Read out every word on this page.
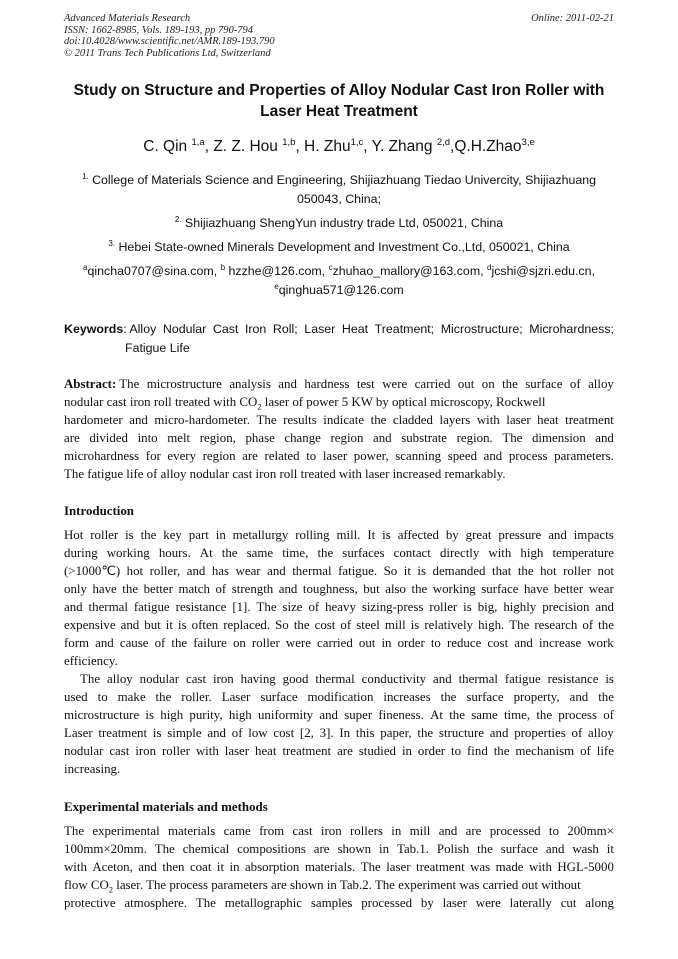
Advanced Materials Research
ISSN: 1662-8985, Vols. 189-193, pp 790-794
doi:10.4028/www.scientific.net/AMR.189-193.790
© 2011 Trans Tech Publications Ltd, Switzerland
Online: 2011-02-21
Study on Structure and Properties of Alloy Nodular Cast Iron Roller with
Laser Heat Treatment
C. Qin $^{1,a}$, Z. Z. Hou $^{1,b}$, H. Zhu$^{1,c}$, Y. Zhang $^{2,d}$,Q.H.Zhao$^{3,e}$
$^{1.}$ College of Materials Science and Engineering, Shijiazhuang Tiedao Univercity, Shijiazhuang
050043, China;
$^{2.}$ Shijiazhuang ShengYun industry trade Ltd, 050021, China
$^{3.}$ Hebei State-owned Minerals Development and Investment Co.,Ltd, 050021, China
$^a$qincha0707@sina.com, $^b$ hzzhe@126.com, $^c$zhuhao_mallory@163.com, $^d$jcshi@sjzri.edu.cn,
$^e$qinghua571@126.com
Keywords: Alloy Nodular Cast Iron Roll; Laser Heat Treatment; Microstructure; Microhardness;
Fatigue Life
Abstract: The microstructure analysis and hardness test were carried out on the surface of alloy
nodular cast iron roll treated with $CO_2$ laser of power 5 KW by optical microscopy, Rockwell
hardometer and micro-hardometer. The results indicate the cladded layers with laser heat treatment
are divided into melt region, phase change region and substrate region. The dimension and
microhardness for every region are related to laser power, scanning speed and process parameters.
The fatigue life of alloy nodular cast iron roll treated with laser increased remarkably.
Introduction
Hot roller is the key part in metallurgy rolling mill. It is affected by great pressure and impacts
during working hours. At the same time, the surfaces contact directly with high temperature
(>1000℃) hot roller, and has wear and thermal fatigue. So it is demanded that the hot roller not
only have the better match of strength and toughness, but also the working surface have better wear
and thermal fatigue resistance [1]. The size of heavy sizing-press roller is big, highly precision and
expensive and but it is often replaced. So the cost of steel mill is relatively high. The research of the
form and cause of the failure on roller were carried out in order to reduce cost and increase work
efficiency.
The alloy nodular cast iron having good thermal conductivity and thermal fatigue resistance is
used to make the roller. Laser surface modification increases the surface property, and the
microstructure is high purity, high uniformity and super fineness. At the same time, the process of
Laser treatment is simple and of low cost [2, 3]. In this paper, the structure and properties of alloy
nodular cast iron roller with laser heat treatment are studied in order to find the mechanism of life
increasing.
Experimental materials and methods
The experimental materials came from cast iron rollers in mill and are processed to 200mm×
100mm×20mm. The chemical compositions are shown in Tab.1. Polish the surface and wash it
with Aceton, and then coat it in absorption materials. The laser treatment was made with HGL-5000
flow $CO_2$ laser. The process parameters are shown in Tab.2. The experiment was carried out without
protective atmosphere. The metallographic samples processed by laser were laterally cut along
